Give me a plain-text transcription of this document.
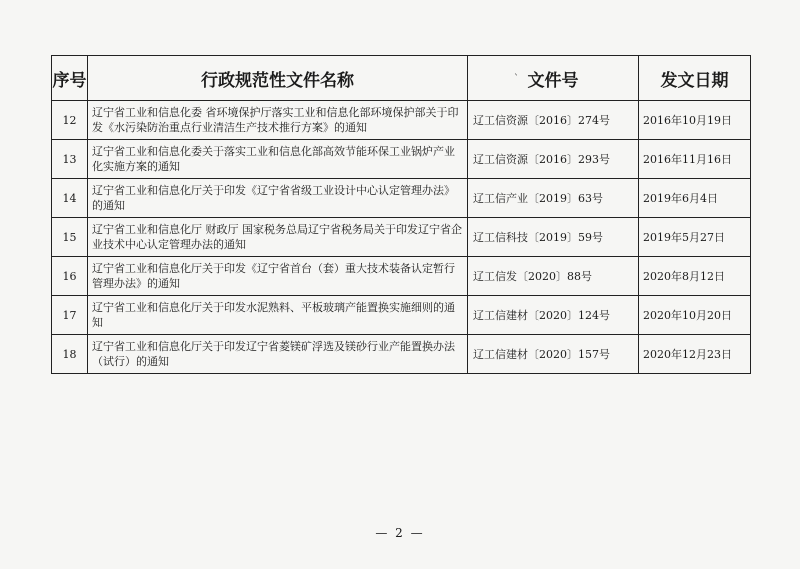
ˋ
序号	行政规范性文件名称	文件号	发文日期
12	辽宁省工业和信息化委 省环境保护厅落实工业和信息化部环境保护部关于印发《水污染防治重点行业清洁生产技术推行方案》的通知	辽工信资源〔2016〕274号	2016年10月19日
13	辽宁省工业和信息化委关于落实工业和信息化部高效节能环保工业锅炉产业化实施方案的通知	辽工信资源〔2016〕293号	2016年11月16日
14	辽宁省工业和信息化厅关于印发《辽宁省省级工业设计中心认定管理办法》的通知	辽工信产业〔2019〕63号	2019年6月4日
15	辽宁省工业和信息化厅 财政厅 国家税务总局辽宁省税务局关于印发辽宁省企业技术中心认定管理办法的通知	辽工信科技〔2019〕59号	2019年5月27日
16	辽宁省工业和信息化厅关于印发《辽宁省首台（套）重大技术装备认定暂行管理办法》的通知	辽工信发〔2020〕88号	2020年8月12日
17	辽宁省工业和信息化厅关于印发水泥熟料、平板玻璃产能置换实施细则的通知	辽工信建材〔2020〕124号	2020年10月20日
18	辽宁省工业和信息化厅关于印发辽宁省菱镁矿浮选及镁砂行业产能置换办法（试行）的通知	辽工信建材〔2020〕157号	2020年12月23日
— 2 —
